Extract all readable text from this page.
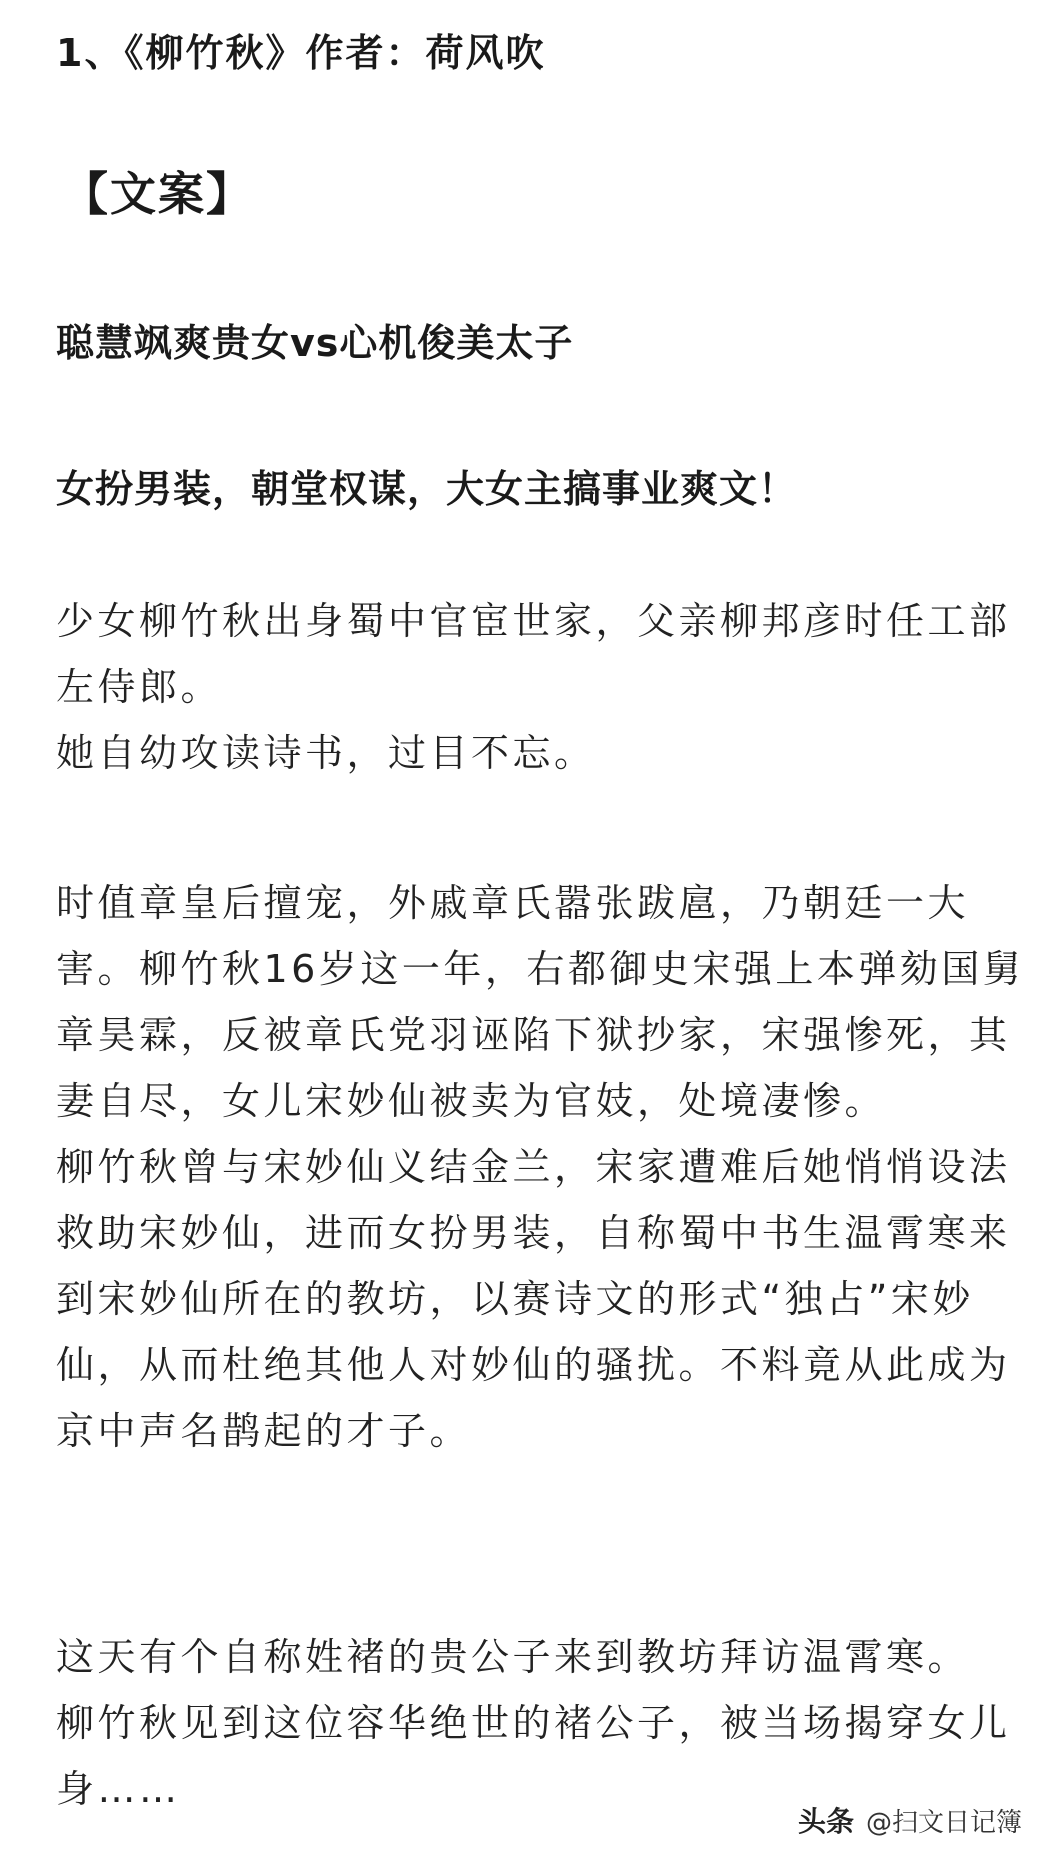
1、《柳竹秋》作者：荷风吹
【文案】
聪慧飒爽贵女vs心机俊美太子
女扮男装，朝堂权谋，大女主搞事业爽文！
少女柳竹秋出身蜀中官宦世家，父亲柳邦彦时任工部
左侍郎。
她自幼攻读诗书，过目不忘。
时值章皇后擅宠，外戚章氏嚣张跋扈，乃朝廷一大
害。柳竹秋16岁这一年，右都御史宋强上本弹劾国舅
章昊霖，反被章氏党羽诬陷下狱抄家，宋强惨死，其
妻自尽，女儿宋妙仙被卖为官妓，处境凄惨。
柳竹秋曾与宋妙仙义结金兰，宋家遭难后她悄悄设法
救助宋妙仙，进而女扮男装，自称蜀中书生温霄寒来
到宋妙仙所在的教坊，以赛诗文的形式“独占”宋妙
仙，从而杜绝其他人对妙仙的骚扰。不料竟从此成为
京中声名鹊起的才子。
这天有个自称姓褚的贵公子来到教坊拜访温霄寒。
柳竹秋见到这位容华绝世的褚公子，被当场揭穿女儿
身……
头条 @扫文日记簿
